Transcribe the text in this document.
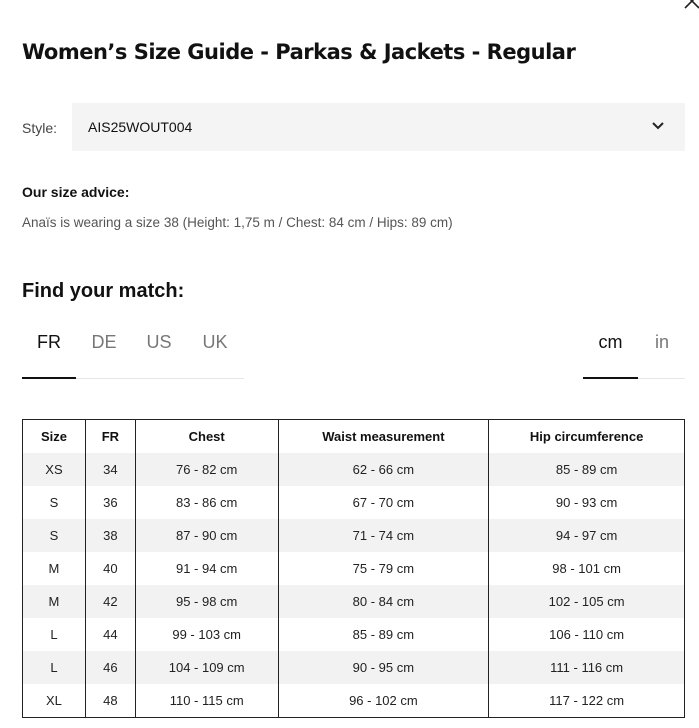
Women’s Size Guide - Parkas & Jackets - Regular
Style: AIS25WOUT004
Our size advice:
Anaïs is wearing a size 38 (Height: 1,75 m / Chest: 84 cm / Hips: 89 cm)
Find your match:
FR	DE	US	UK	cm	in
Size	FR	Chest	Waist measurement	Hip circumference
XS	34	76 - 82 cm	62 - 66 cm	85 - 89 cm
S	36	83 - 86 cm	67 - 70 cm	90 - 93 cm
S	38	87 - 90 cm	71 - 74 cm	94 - 97 cm
M	40	91 - 94 cm	75 - 79 cm	98 - 101 cm
M	42	95 - 98 cm	80 - 84 cm	102 - 105 cm
L	44	99 - 103 cm	85 - 89 cm	106 - 110 cm
L	46	104 - 109 cm	90 - 95 cm	111 - 116 cm
XL	48	110 - 115 cm	96 - 102 cm	117 - 122 cm
